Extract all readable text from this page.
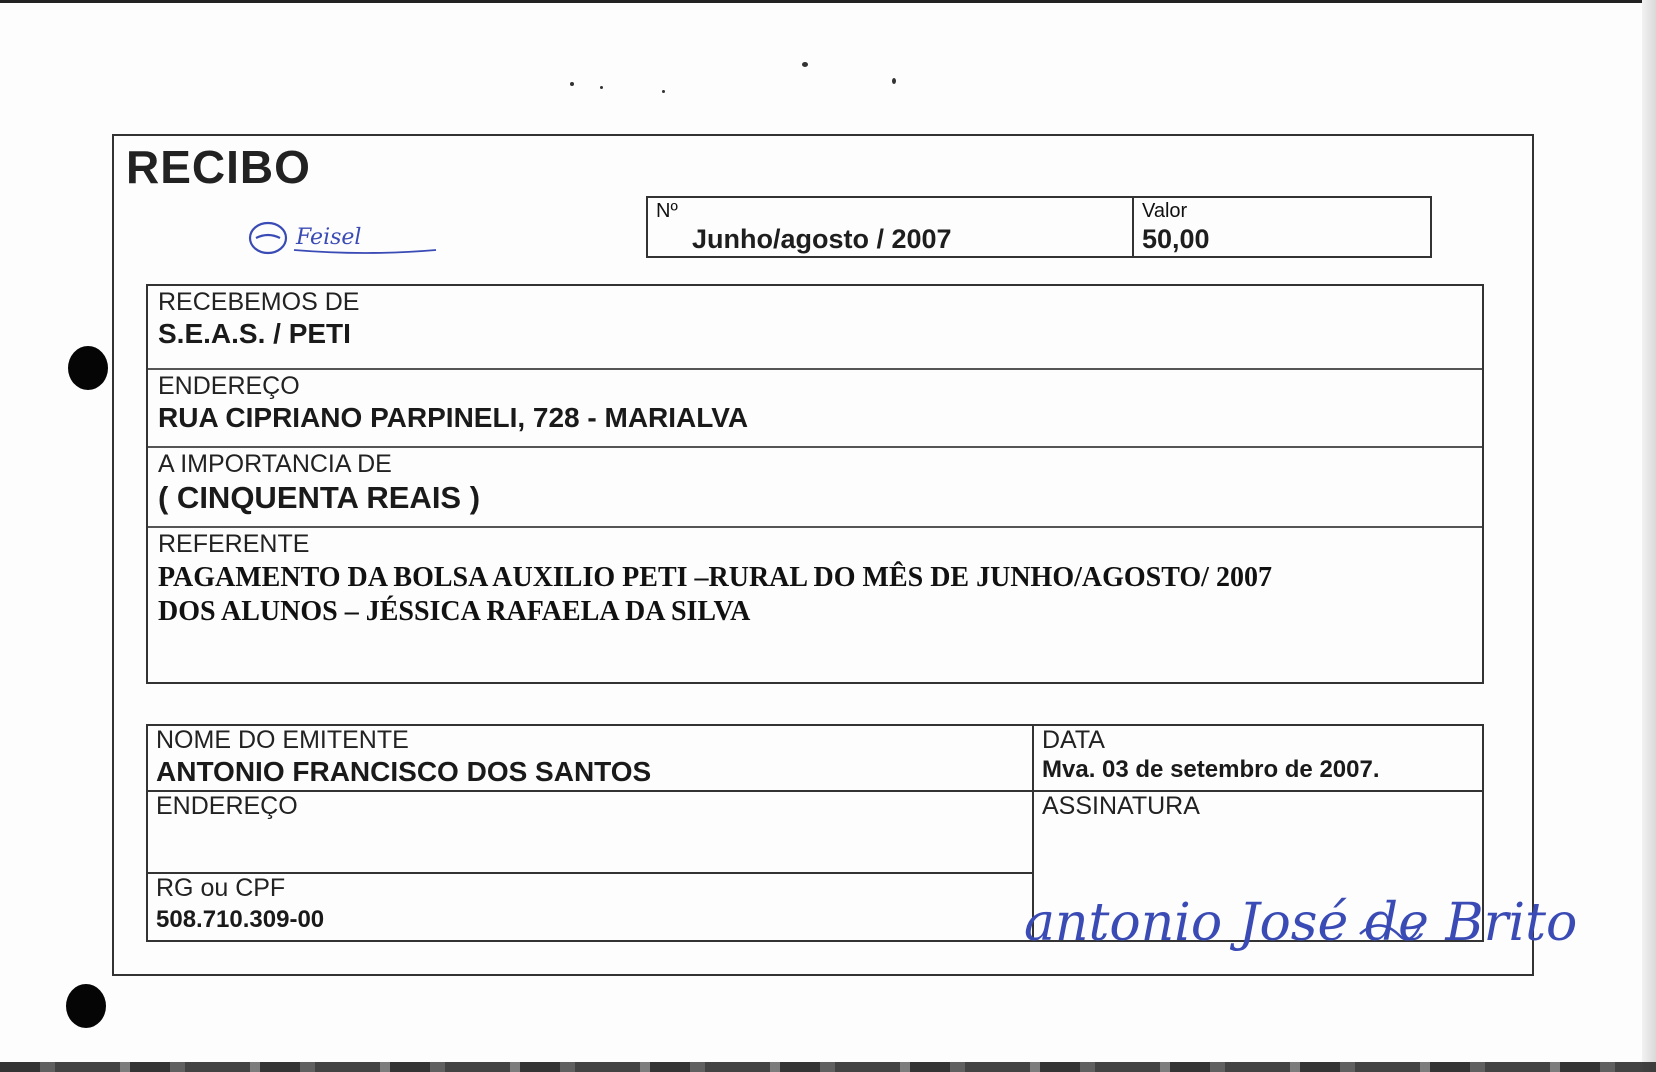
RECIBO
Feisel
Nº
Junho/agosto / 2007
Valor
50,00
RECEBEMOS DE
S.E.A.S. / PETI
ENDEREÇO
RUA CIPRIANO PARPINELI, 728 - MARIALVA
A IMPORTANCIA DE
( CINQUENTA REAIS )
REFERENTE
PAGAMENTO DA BOLSA AUXILIO PETI –RURAL DO MÊS DE JUNHO/AGOSTO/ 2007
DOS ALUNOS – JÉSSICA RAFAELA DA SILVA
NOME DO EMITENTE
ANTONIO FRANCISCO DOS SANTOS
ENDEREÇO
RG ou CPF
508.710.309-00
DATA
Mva. 03 de setembro de 2007.
ASSINATURA
antonio José de Brito
